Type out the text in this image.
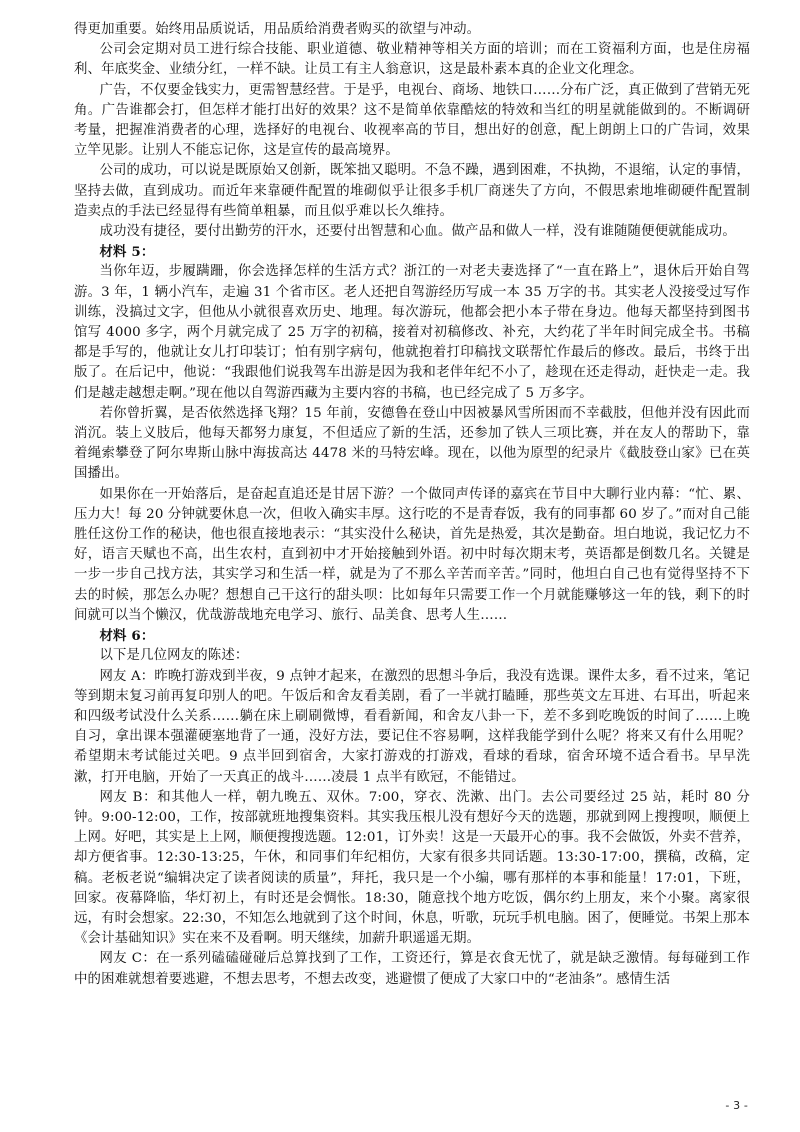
得更加重要。始终用品质说话，用品质给消费者购买的欲望与冲动。

公司会定期对员工进行综合技能、职业道德、敬业精神等相关方面的培训；而在工资福利方面，也是住房福利、年底奖金、业绩分红，一样不缺。让员工有主人翁意识，这是最朴素本真的企业文化理念。

广告，不仅要金钱实力，更需智慧经营。于是乎，电视台、商场、地铁口……分布广泛，真正做到了营销无死角。广告谁都会打，但怎样才能打出好的效果？这不是简单依靠酷炫的特效和当红的明星就能做到的。不断调研考量，把握准消费者的心理，选择好的电视台、收视率高的节目，想出好的创意，配上朗朗上口的广告词，效果立竿见影。让别人不能忘记你，这是宣传的最高境界。

公司的成功，可以说是既原始又创新，既笨拙又聪明。不急不躁，遇到困难，不执拗，不退缩，认定的事情，坚持去做，直到成功。而近年来靠硬件配置的堆砌似乎让很多手机厂商迷失了方向，不假思索地堆砌硬件配置制造卖点的手法已经显得有些简单粗暴，而且似乎难以长久维持。

成功没有捷径，要付出勤劳的汗水，还要付出智慧和心血。做产品和做人一样，没有谁随随便便就能成功。

材料 5：

当你年迈，步履蹒跚，你会选择怎样的生活方式？浙江的一对老夫妻选择了“一直在路上”，退休后开始自驾游。3 年，1 辆小汽车，走遍 31 个省市区。老人还把自驾游经历写成一本 35 万字的书。其实老人没接受过写作训练，没搞过文字，但他从小就很喜欢历史、地理。每次游玩，他都会把小本子带在身边。他每天都坚持到图书馆写 4000 多字，两个月就完成了 25 万字的初稿，接着对初稿修改、补充，大约花了半年时间完成全书。书稿都是手写的，他就让女儿打印装订；怕有别字病句，他就抱着打印稿找文联帮忙作最后的修改。最后，书终于出版了。在后记中，他说：“我跟他们说我驾车出游是因为我和老伴年纪不小了，趁现在还走得动，赶快走一走。我们是越走越想走啊。”现在他以自驾游西藏为主要内容的书稿，也已经完成了 5 万多字。

若你曾折翼，是否依然选择飞翔？15 年前，安德鲁在登山中因被暴风雪所困而不幸截肢，但他并没有因此而消沉。装上义肢后，他每天都努力康复，不但适应了新的生活，还参加了铁人三项比赛，并在友人的帮助下，靠着绳索攀登了阿尔卑斯山脉中海拔高达 4478 米的马特宏峰。现在，以他为原型的纪录片《截肢登山家》已在英国播出。

如果你在一开始落后，是奋起直追还是甘居下游？一个做同声传译的嘉宾在节目中大聊行业内幕：“忙、累、压力大！每 20 分钟就要休息一次，但收入确实丰厚。这行吃的不是青春饭，我有的同事都 60 岁了。”而对自己能胜任这份工作的秘诀，他也很直接地表示：“其实没什么秘诀，首先是热爱，其次是勤奋。坦白地说，我记忆力不好，语言天赋也不高，出生农村，直到初中才开始接触到外语。初中时每次期末考，英语都是倒数几名。关键是一步一步自己找方法，其实学习和生活一样，就是为了不那么辛苦而辛苦。”同时，他坦白自己也有觉得坚持不下去的时候，那怎么办呢？想想自己干这行的甜头呗：比如每年只需要工作一个月就能赚够这一年的钱，剩下的时间就可以当个懒汉，优哉游哉地充电学习、旅行、品美食、思考人生……

材料 6：

以下是几位网友的陈述：

网友 A：昨晚打游戏到半夜，9 点钟才起来，在激烈的思想斗争后，我没有选课。课件太多，看不过来，笔记等到期末复习前再复印别人的吧。午饭后和舍友看美剧，看了一半就打瞌睡，那些英文左耳进、右耳出，听起来和四级考试没什么关系……躺在床上刷刷微博，看看新闻，和舍友八卦一下，差不多到吃晚饭的时间了……上晚自习，拿出课本强灌硬塞地背了一通，没好方法，要记住不容易啊，这样我能学到什么呢？将来又有什么用呢？希望期末考试能过关吧。9 点半回到宿舍，大家打游戏的打游戏，看球的看球，宿舍环境不适合看书。早早洗漱，打开电脑，开始了一天真正的战斗……凌晨 1 点半有欧冠，不能错过。

网友 B：和其他人一样，朝九晚五、双休。7:00，穿衣、洗漱、出门。去公司要经过 25 站，耗时 80 分钟。9:00-12:00，工作，按部就班地搜集资料。其实我压根儿没有想好今天的选题，那就到网上搜搜呗，顺便上上网。好吧，其实是上上网，顺便搜搜选题。12:01，订外卖！这是一天最开心的事。我不会做饭，外卖不营养，却方便省事。12:30-13:25，午休，和同事们年纪相仿，大家有很多共同话题。13:30-17:00，撰稿，改稿，定稿。老板老说“编辑决定了读者阅读的质量”，拜托，我只是一个小编，哪有那样的本事和能量！17:01，下班，回家。夜幕降临，华灯初上，有时还是会惆怅。18:30，随意找个地方吃饭，偶尔约上朋友，来个小聚。离家很远，有时会想家。22:30，不知怎么地就到了这个时间，休息，听歌，玩玩手机电脑。困了，便睡觉。书架上那本《会计基础知识》实在来不及看啊。明天继续，加薪升职遥遥无期。

网友 C：在一系列磕磕碰碰后总算找到了工作，工资还行，算是衣食无忧了，就是缺乏激情。每每碰到工作中的困难就想着要逃避，不想去思考，不想去改变，逃避惯了便成了大家口中的“老油条”。感情生活

- 3 -
